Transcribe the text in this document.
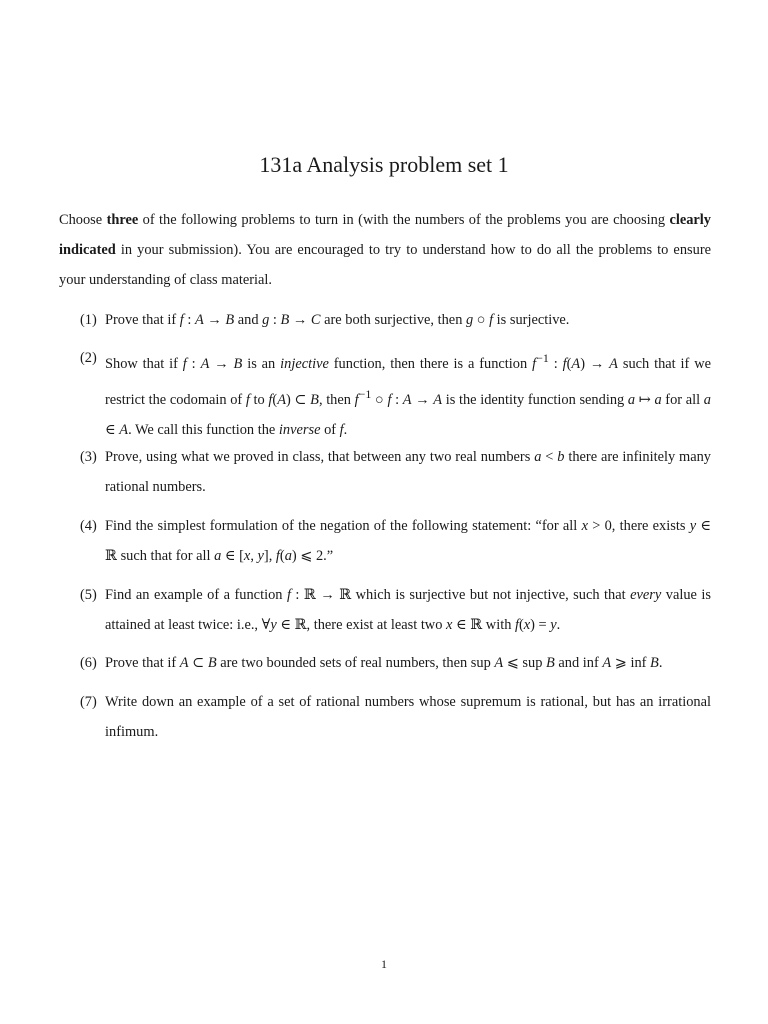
131a Analysis problem set 1
Choose three of the following problems to turn in (with the numbers of the problems you are choosing clearly indicated in your submission). You are encouraged to try to understand how to do all the problems to ensure your understanding of class material.
(1) Prove that if f : A → B and g : B → C are both surjective, then g ○ f is surjective.
(2) Show that if f : A → B is an injective function, then there is a function $f^{-1}$ : f(A) → A such that if we restrict the codomain of f to f(A) ⊂ B, then $f^{-1}$ ○ f : A → A is the identity function sending a ↦ a for all a ∈ A. We call this function the inverse of f.
(3) Prove, using what we proved in class, that between any two real numbers a < b there are infinitely many rational numbers.
(4) Find the simplest formulation of the negation of the following statement: “for all x > 0, there exists y ∈ ℝ such that for all a ∈ [x, y], f(a) ⩽ 2.”
(5) Find an example of a function f : ℝ → ℝ which is surjective but not injective, such that every value is attained at least twice: i.e., ∀y ∈ ℝ, there exist at least two x ∈ ℝ with f(x) = y.
(6) Prove that if A ⊂ B are two bounded sets of real numbers, then sup A ⩽ sup B and inf A ⩾ inf B.
(7) Write down an example of a set of rational numbers whose supremum is rational, but has an irrational infimum.
1
